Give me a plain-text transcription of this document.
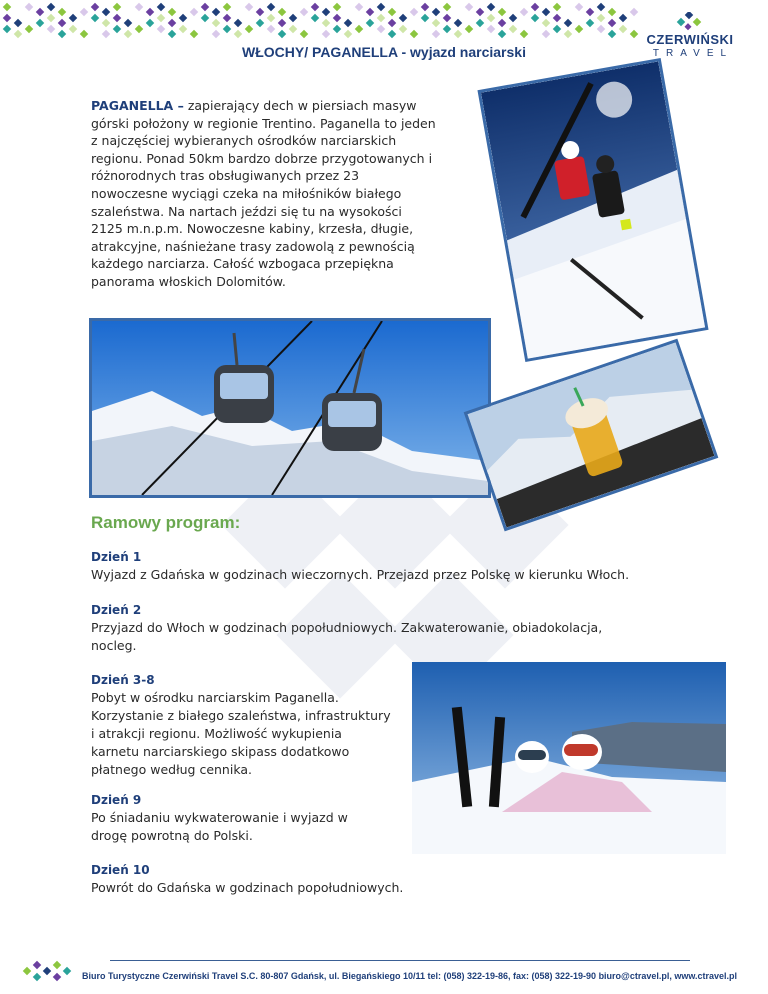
CZERWIŃSKI
TRAVEL
WŁOCHY/ PAGANELLA - wyjazd narciarski
PAGANELLA – zapierający dech w piersiach masyw górski położony w regionie Trentino. Paganella to jeden z najczęściej wybieranych ośrodków narciarskich regionu. Ponad 50km bardzo dobrze przygotowanych i różnorodnych tras obsługiwanych przez 23 nowoczesne wyciągi czeka na miłośników białego szaleństwa. Na nartach jeździ się tu na wysokości 2125 m.n.p.m. Nowoczesne kabiny, krzesła, długie, atrakcyjne, naśnieżane trasy zadowolą z pewnością każdego narciarza. Całość wzbogaca przepiękna panorama włoskich Dolomitów.
Ramowy program:
Dzień 1
Wyjazd z Gdańska w godzinach wieczornych. Przejazd przez Polskę w kierunku Włoch.
Dzień 2
Przyjazd do Włoch w godzinach popołudniowych. Zakwaterowanie, obiadokolacja, nocleg.
Dzień 3-8
Pobyt w ośrodku narciarskim Paganella. Korzystanie z białego szaleństwa, infrastruktury i atrakcji regionu. Możliwość wykupienia karnetu narciarskiego skipass dodatkowo płatnego według cennika.
Dzień 9
Po śniadaniu wykwaterowanie i wyjazd w drogę powrotną do Polski.
Dzień 10
Powrót do Gdańska w godzinach popołudniowych.
Biuro Turystyczne Czerwiński Travel S.C. 80-807 Gdańsk, ul. Biegańskiego 10/11 tel: (058) 322-19-86, fax: (058) 322-19-90 biuro@ctravel.pl, www.ctravel.pl
